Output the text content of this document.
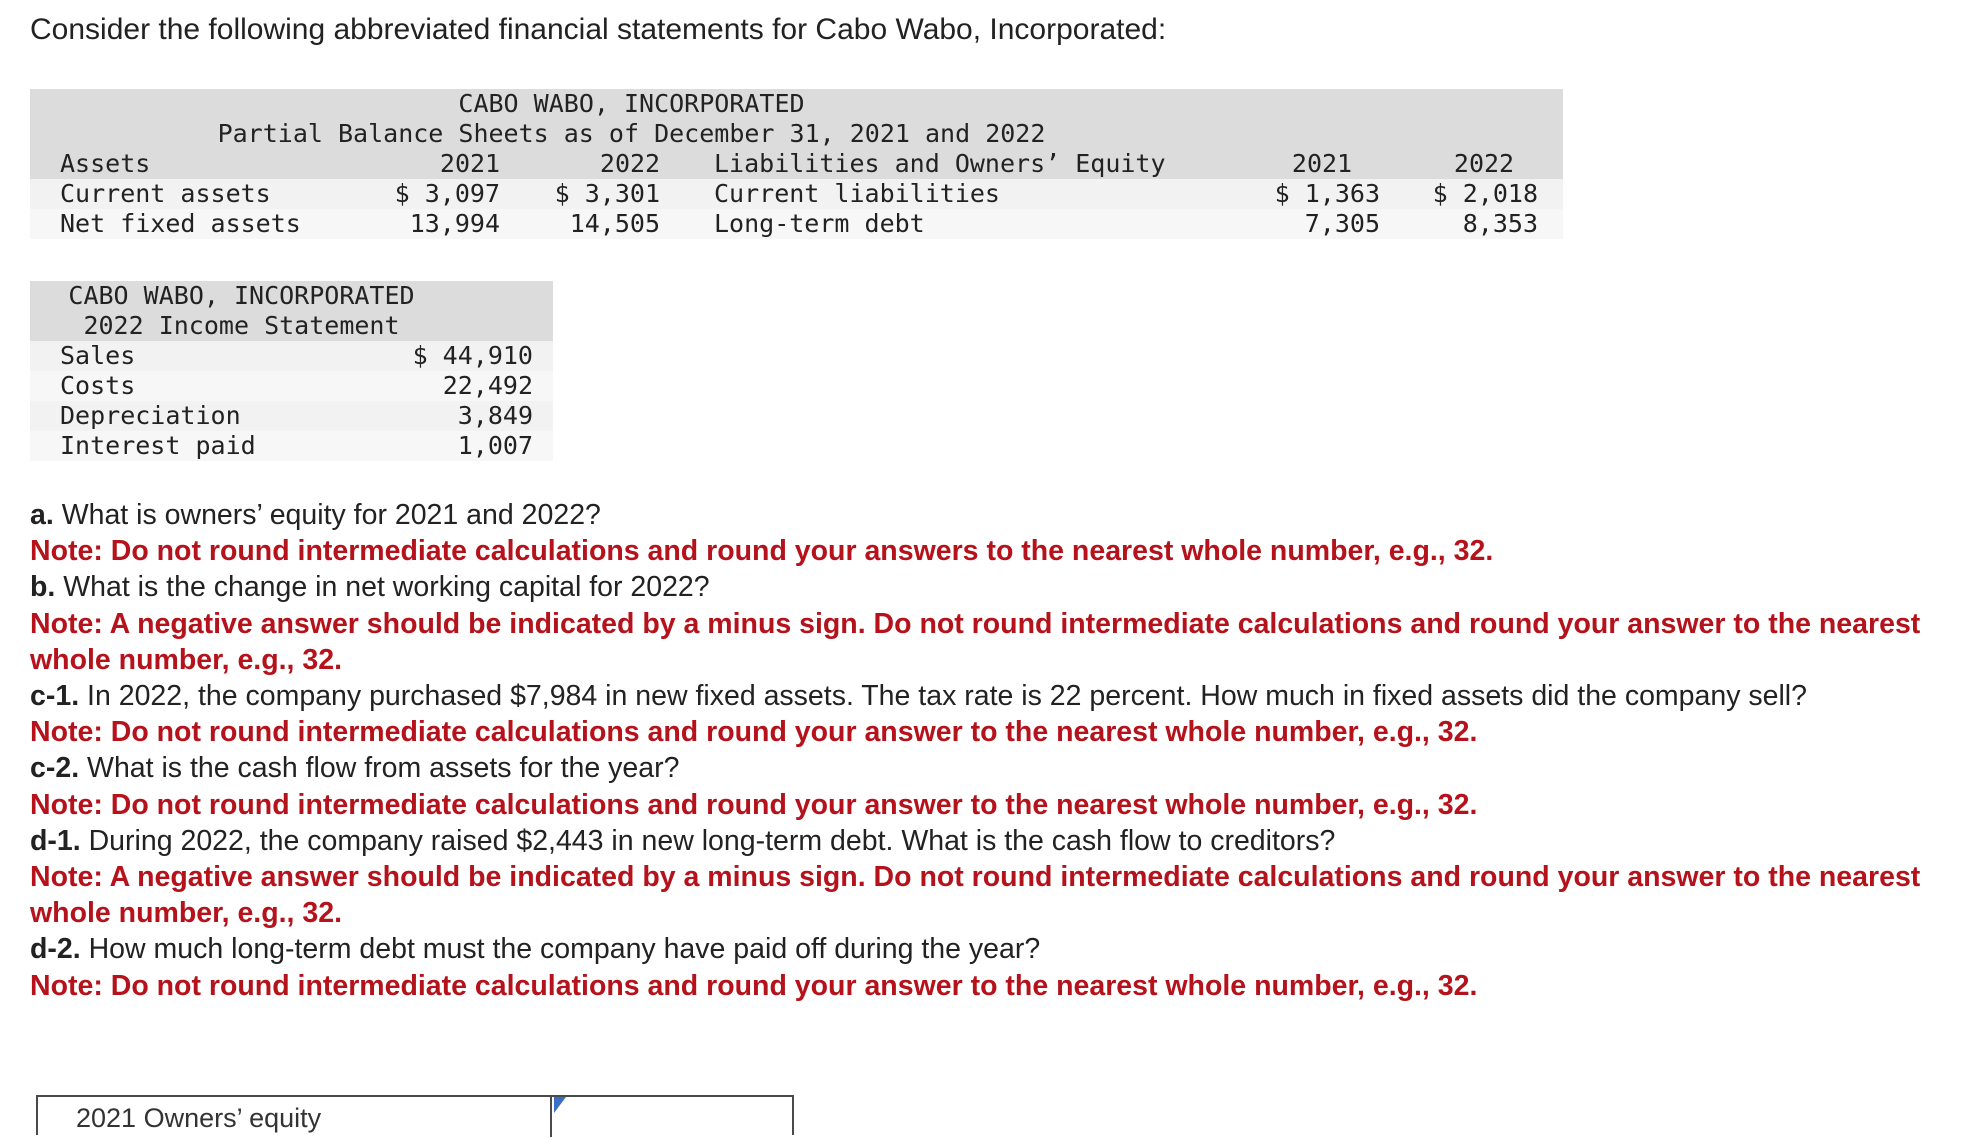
Consider the following abbreviated financial statements for Cabo Wabo, Incorporated:
CABO WABO, INCORPORATED
Partial Balance Sheets as of December 31, 2021 and 2022
Assets	2021	2022	Liabilities and Owners’ Equity	2021	2022
Current assets	$ 3,097	$ 3,301 Current liabilities	$ 1,363	$ 2,018
Net fixed assets	13,994	14,505 Long-term debt	7,305	8,353
CABO WABO, INCORPORATED
2022 Income Statement
Sales	$ 44,910
Costs	22,492
Depreciation	3,849
Interest paid	1,007

a. What is owners’ equity for 2021 and 2022?

Note: Do not round intermediate calculations and round your answers to the nearest whole number, e.g., 32.

b. What is the change in net working capital for 2022?

Note: A negative answer should be indicated by a minus sign. Do not round intermediate calculations and round your answer to the nearest whole number, e.g., 32.

c-1. In 2022, the company purchased $7,984 in new fixed assets. The tax rate is 22 percent. How much in fixed assets did the company sell?

Note: Do not round intermediate calculations and round your answer to the nearest whole number, e.g., 32.

c-2. What is the cash flow from assets for the year?

Note: Do not round intermediate calculations and round your answer to the nearest whole number, e.g., 32.

d-1. During 2022, the company raised $2,443 in new long-term debt. What is the cash flow to creditors?

Note: A negative answer should be indicated by a minus sign. Do not round intermediate calculations and round your answer to the nearest whole number, e.g., 32.

d-2. How much long-term debt must the company have paid off during the year?

Note: Do not round intermediate calculations and round your answer to the nearest whole number, e.g., 32.

2021 Owners’ equity
